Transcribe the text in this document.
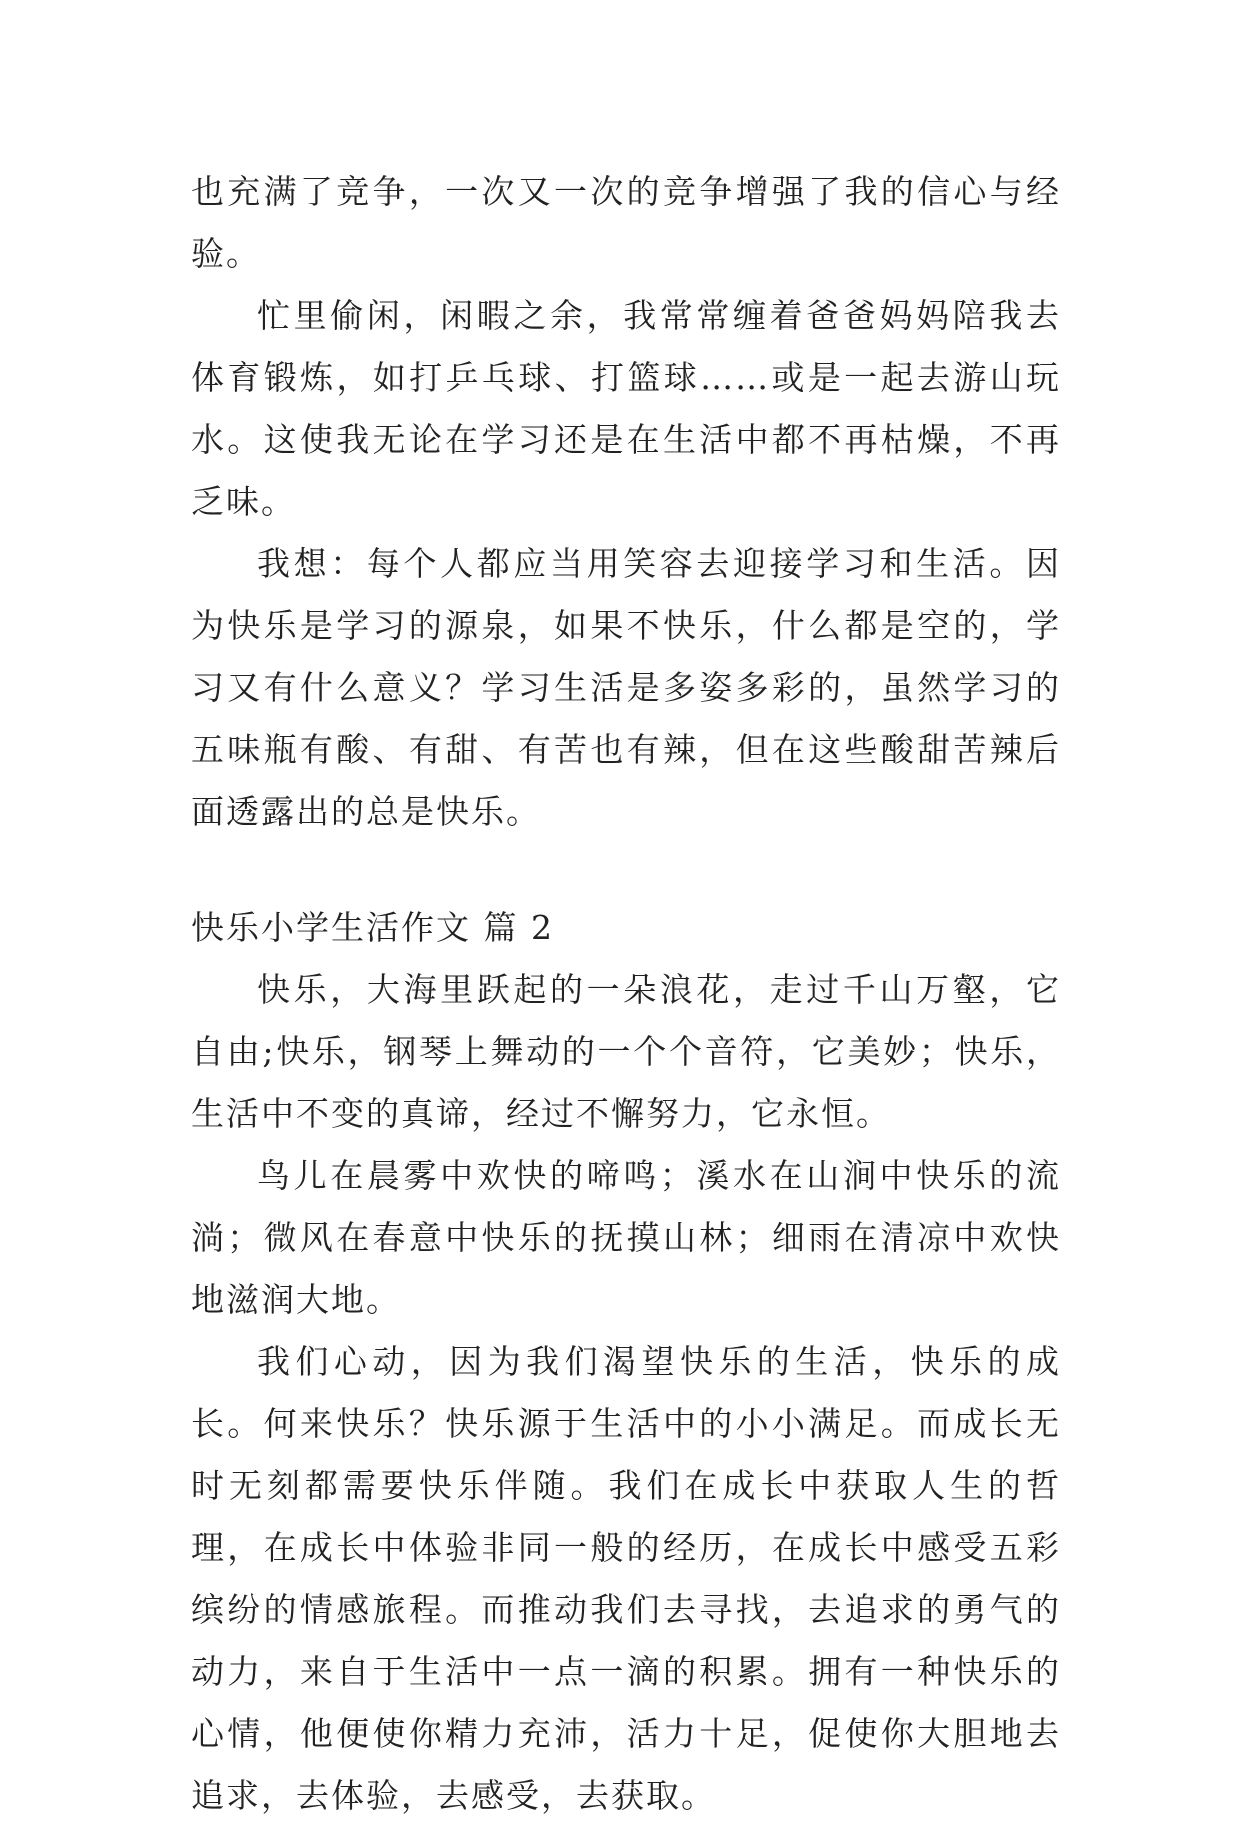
也充满了竞争，一次又一次的竞争增强了我的信心与经验。

忙里偷闲，闲暇之余，我常常缠着爸爸妈妈陪我去体育锻炼，如打乒乓球、打篮球……或是一起去游山玩水。这使我无论在学习还是在生活中都不再枯燥，不再乏味。

我想：每个人都应当用笑容去迎接学习和生活。因为快乐是学习的源泉，如果不快乐，什么都是空的，学习又有什么意义？学习生活是多姿多彩的，虽然学习的五味瓶有酸、有甜、有苦也有辣，但在这些酸甜苦辣后面透露出的总是快乐。

快乐小学生活作文 篇 2

快乐，大海里跃起的一朵浪花，走过千山万壑，它自由;快乐，钢琴上舞动的一个个音符，它美妙；快乐，生活中不变的真谛，经过不懈努力，它永恒。

鸟儿在晨雾中欢快的啼鸣；溪水在山涧中快乐的流淌；微风在春意中快乐的抚摸山林；细雨在清凉中欢快地滋润大地。

我们心动，因为我们渴望快乐的生活，快乐的成长。何来快乐？快乐源于生活中的小小满足。而成长无时无刻都需要快乐伴随。我们在成长中获取人生的哲理，在成长中体验非同一般的经历，在成长中感受五彩缤纷的情感旅程。而推动我们去寻找，去追求的勇气的动力，来自于生活中一点一滴的积累。拥有一种快乐的心情，他便使你精力充沛，活力十足，促使你大胆地去追求，去体验，去感受，去获取。
